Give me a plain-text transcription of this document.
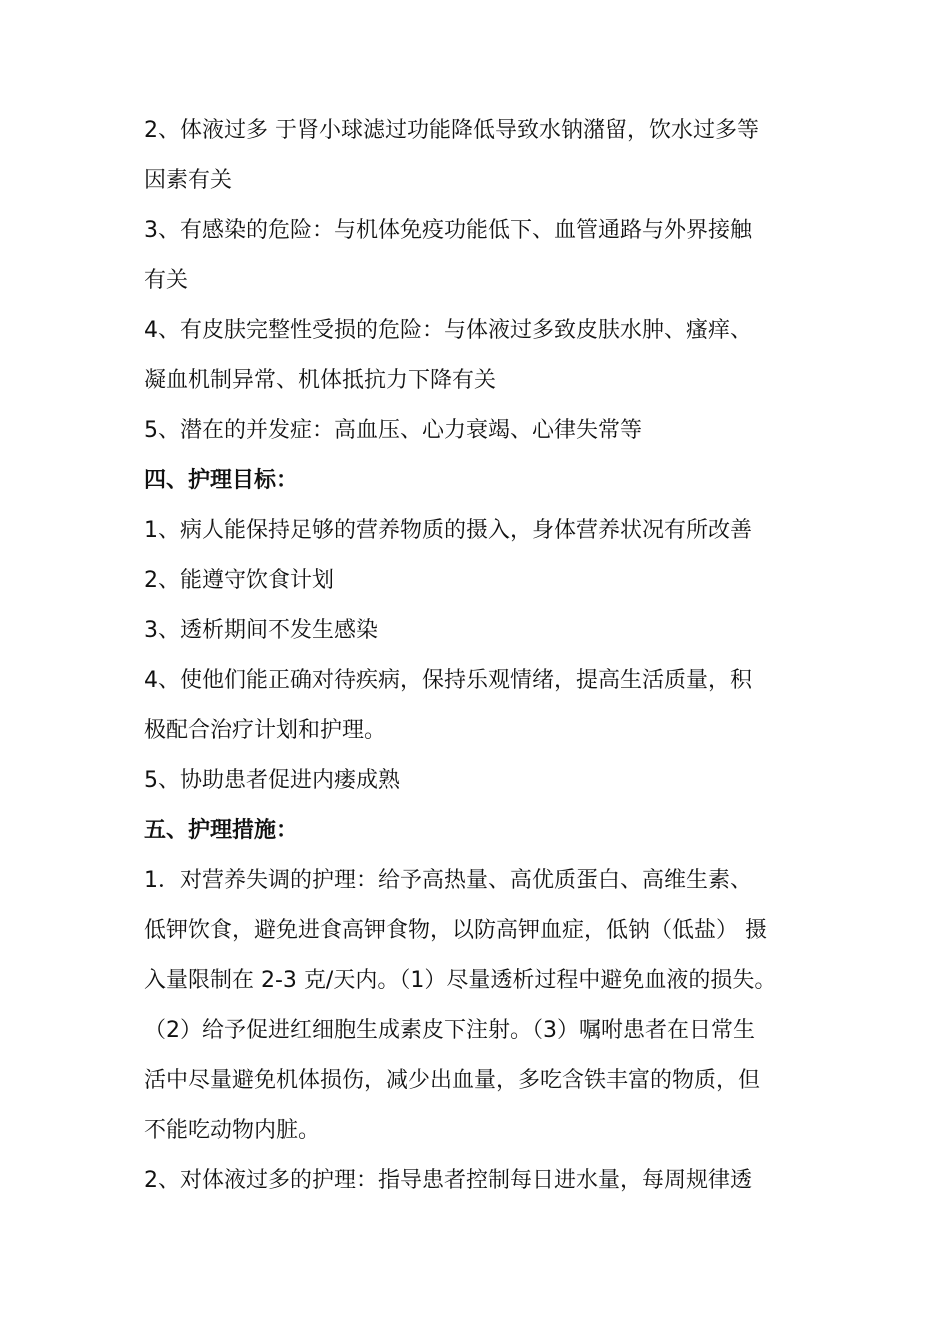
2、体液过多 于肾小球滤过功能降低导致水钠潴留，饮水过多等
因素有关

3、有感染的危险：与机体免疫功能低下、血管通路与外界接触
有关

4、有皮肤完整性受损的危险：与体液过多致皮肤水肿、瘙痒、
凝血机制异常、机体抵抗力下降有关

5、潜在的并发症：高血压、心力衰竭、心律失常等

四、护理目标：

1、病人能保持足够的营养物质的摄入，身体营养状况有所改善

2、能遵守饮食计划

3、透析期间不发生感染

4、使他们能正确对待疾病，保持乐观情绪，提高生活质量，积
极配合治疗计划和护理。

5、协助患者促进内瘘成熟

五、护理措施：

1．对营养失调的护理：给予高热量、高优质蛋白、高维生素、
低钾饮食，避免进食高钾食物，以防高钾血症，低钠（低盐） 摄
入量限制在 2-3 克/天内。（1）尽量透析过程中避免血液的损失。
（2）给予促进红细胞生成素皮下注射。（3）嘱咐患者在日常生
活中尽量避免机体损伤，减少出血量，多吃含铁丰富的物质，但
不能吃动物内脏。

2、对体液过多的护理：指导患者控制每日进水量，每周规律透
